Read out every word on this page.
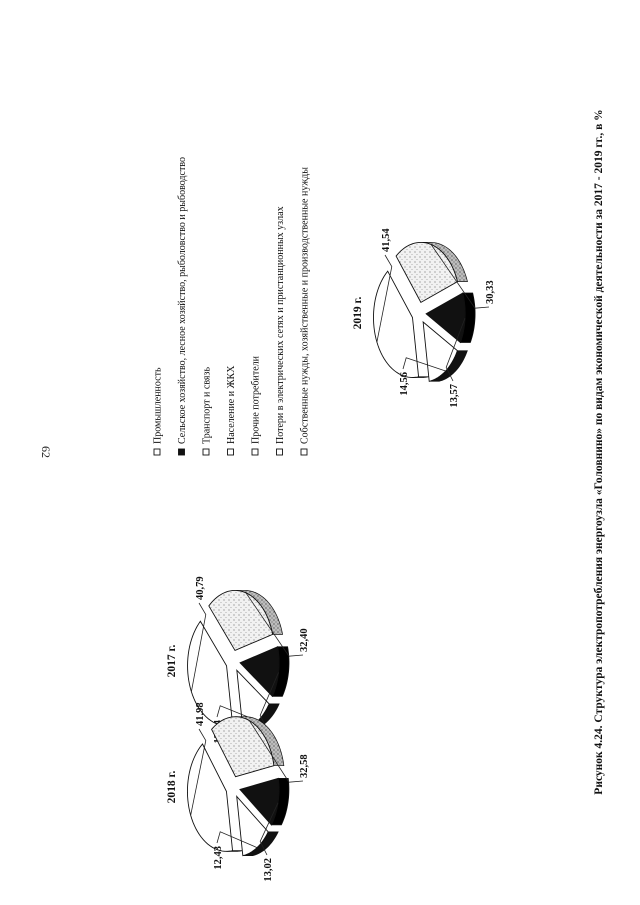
62	Рисунок 4.24. Структура электропотребления энергоузла «Головнино» по видам экономической деятельности за 2017 - 2019 гг., в %
Промышленность Сельское хозяйство, лесное хозяйство, рыболовство и рыбоводство Транспорт и связь Население и ЖКХ Прочие потребители Потери в электрических сетях и пристанционных узлах Собственные нужды, хозяйственные и производственные нужды
2017 г.
40,79
32,40
2018 г.
41,98
32,58
13,02
12,43
2019 г.
41,54
30,33
13,57
14,56
